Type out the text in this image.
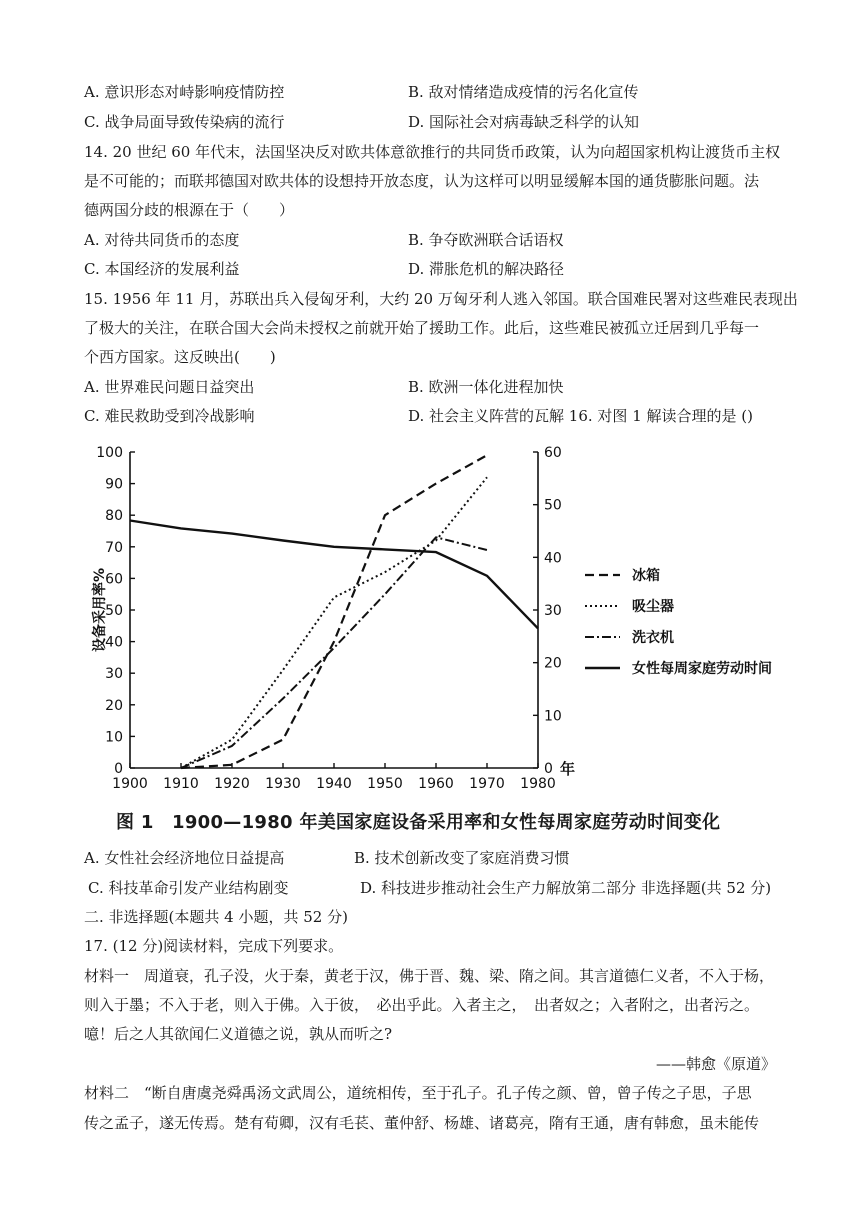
A. 意识形态对峙影响疫情防控	B. 敌对情绪造成疫情的污名化宣传
C. 战争局面导致传染病的流行	D. 国际社会对病毒缺乏科学的认知
14. 20 世纪 60 年代末，法国坚决反对欧共体意欲推行的共同货币政策，认为向超国家机构让渡货币主权
是不可能的；而联邦德国对欧共体的设想持开放态度，认为这样可以明显缓解本国的通货膨胀问题。法
德两国分歧的根源在于（　　）
A. 对待共同货币的态度	B. 争夺欧洲联合话语权
C. 本国经济的发展利益	D. 滞胀危机的解决路径
15. 1956 年 11 月，苏联出兵入侵匈牙利，大约 20 万匈牙利人逃入邻国。联合国难民署对这些难民表现出
了极大的关注，在联合国大会尚未授权之前就开始了援助工作。此后，这些难民被孤立迁居到几乎每一
个西方国家。这反映出(　　)
A. 世界难民问题日益突出	B. 欧洲一体化进程加快
C. 难民救助受到冷战影响	D. 社会主义阵营的瓦解 16. 对图 1 解读合理的是 ()
0
10
20
30
40
50
60
70
80
90
100
0
10
20
30
40
50
60
1900 1910 1920 1930 1940 1950 1960 1970 1980
年
设备采用率%	冰箱
吸尘器
洗衣机
女性每周家庭劳动时间
图 1　1900—1980 年美国家庭设备采用率和女性每周家庭劳动时间变化
A. 女性社会经济地位日益提高	B. 技术创新改变了家庭消费习惯
C. 科技革命引发产业结构剧变	D. 科技进步推动社会生产力解放第二部分 非选择题(共 52 分)
二. 非选择题(本题共 4 小题，共 52 分)
17. (12 分)阅读材料，完成下列要求。
材料一　周道衰，孔子没，火于秦，黄老于汉，佛于晋、魏、梁、隋之间。其言道德仁义者，不入于杨，
则入于墨；不入于老，则入于佛。入于彼，　必出乎此。入者主之，　出者奴之；入者附之，出者污之。
噫！后之人其欲闻仁义道德之说，孰从而听之?
——韩愈《原道》
材料二　“断自唐虞尧舜禹汤文武周公，道统相传，至于孔子。孔子传之颜、曾，曾子传之子思，子思
传之孟子，遂无传焉。楚有荀卿，汉有毛苌、董仲舒、杨雄、诸葛亮，隋有王通，唐有韩愈，虽未能传
